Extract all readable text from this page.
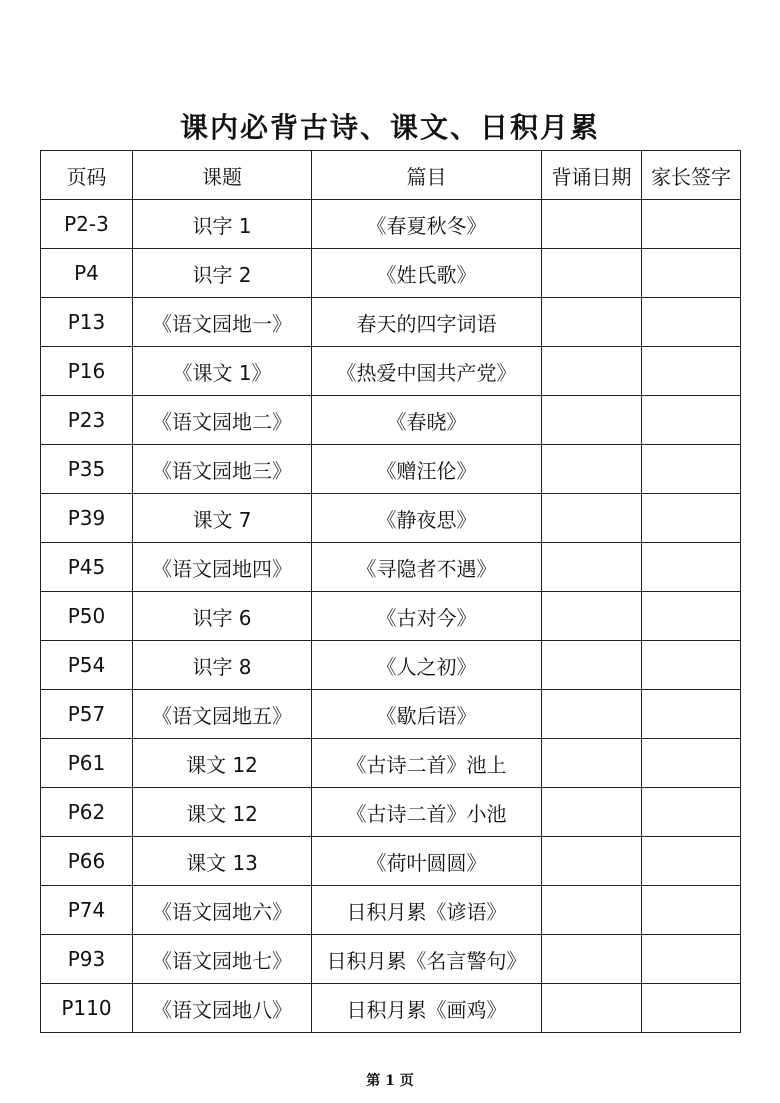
课内必背古诗、课文、日积月累
页码	课题	篇目	背诵日期	家长签字
P2-3	识字 1	《春夏秋冬》		
P4	识字 2	《姓氏歌》		
P13	《语文园地一》	春天的四字词语		
P16	《课文 1》	《热爱中国共产党》		
P23	《语文园地二》	《春晓》		
P35	《语文园地三》	《赠汪伦》		
P39	课文 7	《静夜思》		
P45	《语文园地四》	《寻隐者不遇》		
P50	识字 6	《古对今》		
P54	识字 8	《人之初》		
P57	《语文园地五》	《歇后语》		
P61	课文 12	《古诗二首》池上		
P62	课文 12	《古诗二首》小池		
P66	课文 13	《荷叶圆圆》		
P74	《语文园地六》	日积月累《谚语》		
P93	《语文园地七》	日积月累《名言警句》		
P110	《语文园地八》	日积月累《画鸡》		
第 1 页
